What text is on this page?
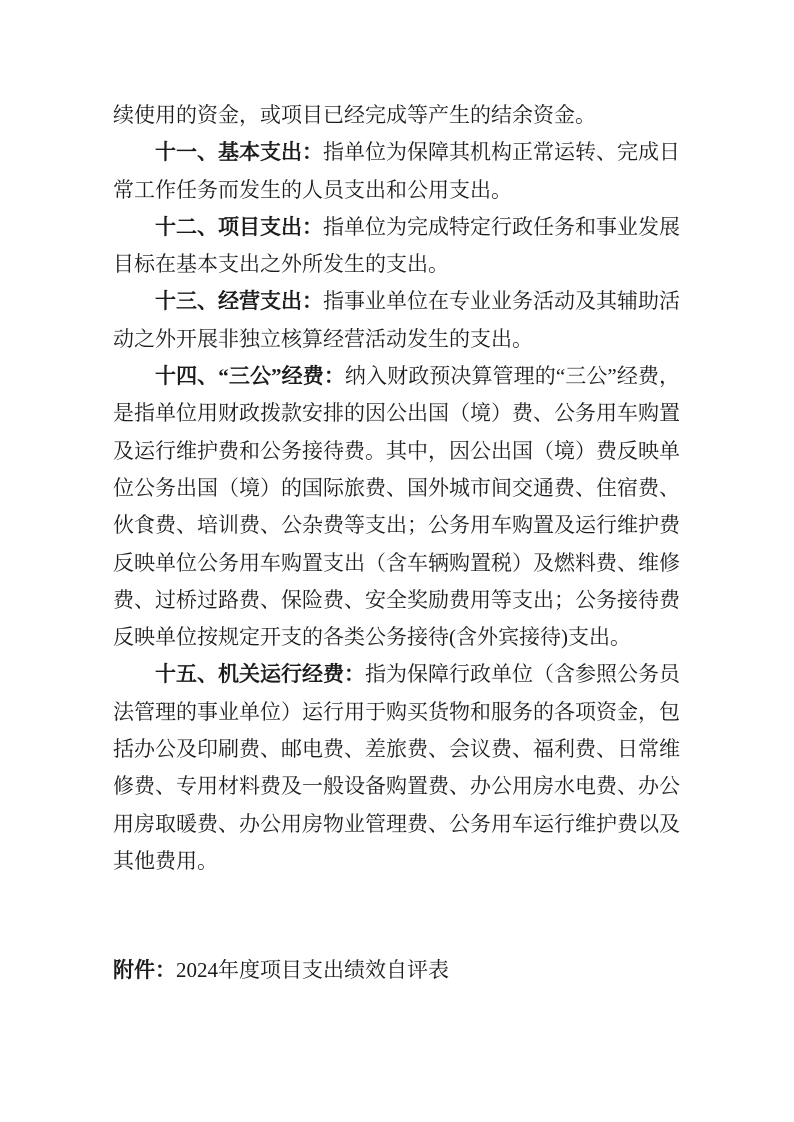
续使用的资金，或项目已经完成等产生的结余资金。

十一、基本支出：指单位为保障其机构正常运转、完成日常工作任务而发生的人员支出和公用支出。

十二、项目支出：指单位为完成特定行政任务和事业发展目标在基本支出之外所发生的支出。

十三、经营支出：指事业单位在专业业务活动及其辅助活动之外开展非独立核算经营活动发生的支出。

十四、“三公”经费：纳入财政预决算管理的“三公”经费，是指单位用财政拨款安排的因公出国（境）费、公务用车购置及运行维护费和公务接待费。其中，因公出国（境）费反映单位公务出国（境）的国际旅费、国外城市间交通费、住宿费、伙食费、培训费、公杂费等支出；公务用车购置及运行维护费反映单位公务用车购置支出（含车辆购置税）及燃料费、维修费、过桥过路费、保险费、安全奖励费用等支出；公务接待费反映单位按规定开支的各类公务接待(含外宾接待)支出。

十五、机关运行经费：指为保障行政单位（含参照公务员法管理的事业单位）运行用于购买货物和服务的各项资金，包括办公及印刷费、邮电费、差旅费、会议费、福利费、日常维修费、专用材料费及一般设备购置费、办公用房水电费、办公用房取暖费、办公用房物业管理费、公务用车运行维护费以及其他费用。

附件：2024年度项目支出绩效自评表
